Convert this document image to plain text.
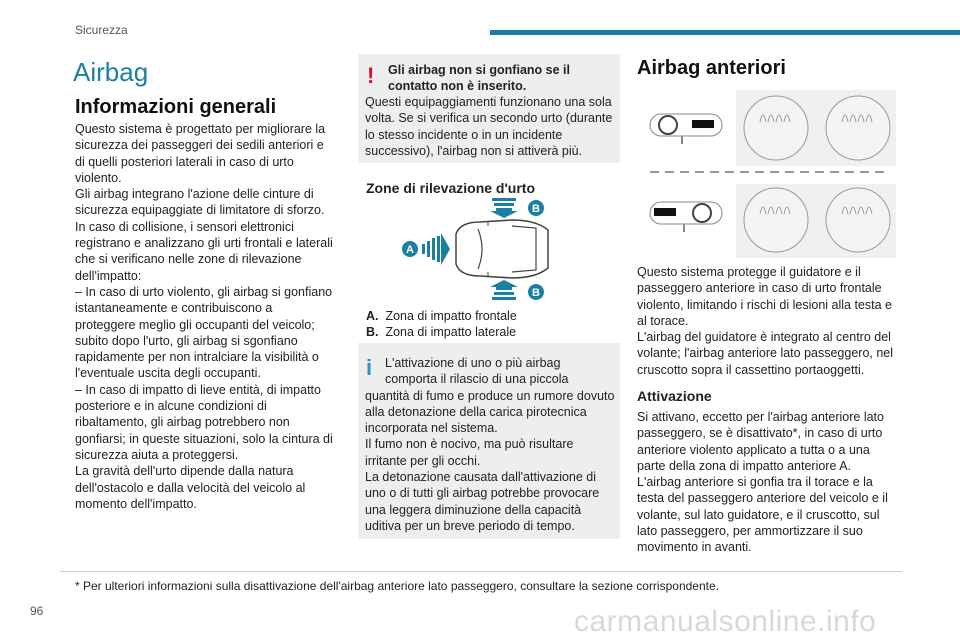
Sicurezza
Airbag
Informazioni generali

Questo sistema è progettato per migliorare la sicurezza dei passeggeri dei sedili anteriori e di quelli posteriori laterali in caso di urto violento.

Gli airbag integrano l'azione delle cinture di sicurezza equipaggiate di limitatore di sforzo.

In caso di collisione, i sensori elettronici registrano e analizzano gli urti frontali e laterali che si verificano nelle zone di rilevazione dell'impatto:

– In caso di urto violento, gli airbag si gonfiano istantaneamente e contribuiscono a proteggere meglio gli occupanti del veicolo; subito dopo l'urto, gli airbag si sgonfiano rapidamente per non intralciare la visibilità o l'eventuale uscita degli occupanti.

– In caso di impatto di lieve entità, di impatto posteriore e in alcune condizioni di ribaltamento, gli airbag potrebbero non gonfiarsi; in queste situazioni, solo la cintura di sicurezza aiuta a proteggersi.

La gravità dell'urto dipende dalla natura dell'ostacolo e dalla velocità del veicolo al momento dell'impatto.

! Gli airbag non si gonfiano se il contatto non è inserito.

Questi equipaggiamenti funzionano una sola volta. Se si verifica un secondo urto (durante lo stesso incidente o in un incidente successivo), l'airbag non si attiverà più.

Zone di rilevazione d'urto
A
B
B

A. Zona di impatto frontale

B. Zona di impatto laterale

i	L'attivazione di uno o più airbag comporta il rilascio di una piccola

quantità di fumo e produce un rumore dovuto alla detonazione della carica pirotecnica incorporata nel sistema.

Il fumo non è nocivo, ma può risultare irritante per gli occhi.

La detonazione causata dall'attivazione di uno o di tutti gli airbag potrebbe provocare una leggera diminuzione della capacità uditiva per un breve periodo di tempo.

Airbag anteriori

Questo sistema protegge il guidatore e il passeggero anteriore in caso di urto frontale violento, limitando i rischi di lesioni alla testa e al torace.

L'airbag del guidatore è integrato al centro del volante; l'airbag anteriore lato passeggero, nel cruscotto sopra il cassettino portaoggetti.

Attivazione

Si attivano, eccetto per l'airbag anteriore lato passeggero, se è disattivato*, in caso di urto anteriore violento applicato a tutta o a una parte della zona di impatto anteriore A.

L'airbag anteriore si gonfia tra il torace e la testa del passeggero anteriore del veicolo e il volante, sul lato guidatore, e il cruscotto, sul lato passeggero, per ammortizzare il suo movimento in avanti.

* Per ulteriori informazioni sulla disattivazione dell'airbag anteriore lato passeggero, consultare la sezione corrispondente.
96	carmanualsonline.info
